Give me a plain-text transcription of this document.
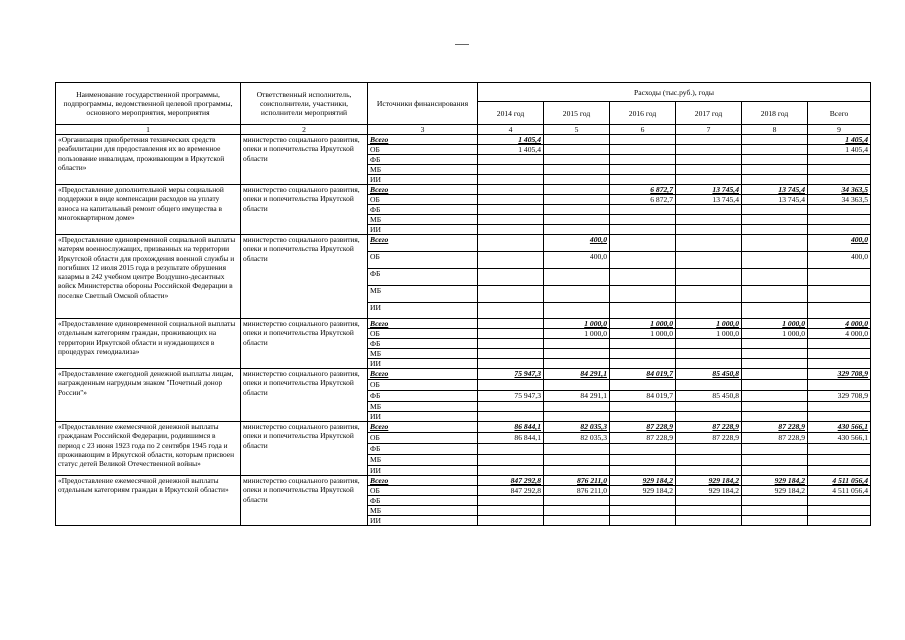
Наименование государственной программы, подпрограммы, ведомственной целевой программы, основного мероприятия, мероприятия	Ответственный исполнитель, соисполнители, участники, исполнители мероприятий	Источники финансирования	Расходы (тыс.руб.), годы					
			2014 год	2015 год	2016 год	2017 год	2018 год	Всего
1	2	3	4	5	6	7	8	9
«Организация приобретения технических средств реабилитации для предоставления их во временное пользование инвалидам, проживающим в Иркутской области»	министерство социального развития, опеки и попечительства Иркутской области	Всего	1 405,4					1 405,4
		ОБ	1 405,4					1 405,4
		ФБ						
		МБ						
		ИИ						
«Предоставление дополнительной меры социальной поддержки в виде компенсации расходов на уплату взноса на капитальный ремонт общего имущества в многоквартирном доме»	министерство социального развития, опеки и попечительства Иркутской области	Всего			6 872,7	13 745,4	13 745,4	34 363,5
		ОБ			6 872,7	13 745,4	13 745,4	34 363,5
		ФБ						
		МБ						
		ИИ						
«Предоставление единовременной социальной выплаты матерям военнослужащих, призванных на территории Иркутской области для прохождения военной службы и погибших 12 июля 2015 года в результате обрушения казармы в 242 учебном центре Воздушно-десантных войск Министерства обороны Российской Федерации в поселке Светлый Омской области»	министерство социального развития, опеки и попечительства Иркутской области	Всего		400,0				400,0
		ОБ		400,0				400,0
		ФБ						
		МБ						
		ИИ						
«Предоставление единовременной социальной выплаты отдельным категориям граждан, проживающих на территории Иркутской области и нуждающихся в процедурах гемодиализа»	министерство социального развития, опеки и попечительства Иркутской области	Всего		1 000,0	1 000,0	1 000,0	1 000,0	4 000,0
		ОБ		1 000,0	1 000,0	1 000,0	1 000,0	4 000,0
		ФБ						
		МБ						
		ИИ						
«Предоставление ежегодной денежной выплаты лицам, награжденным нагрудным знаком "Почетный донор России"»	министерство социального развития, опеки и попечительства Иркутской области	Всего	75 947,3	84 291,1	84 019,7	85 450,8		329 708,9
		ОБ						
		ФБ	75 947,3	84 291,1	84 019,7	85 450,8		329 708,9
		МБ						
		ИИ						
«Предоставление ежемесячной денежной выплаты гражданам Российской Федерации, родившимся в период с 23 июня 1923 года по 2 сентября 1945 года и проживающим в Иркутской области, которым присвоен статус детей Великой Отечественной войны»	министерство социального развития, опеки и попечительства Иркутской области	Всего	86 844,1	82 035,3	87 228,9	87 228,9	87 228,9	430 566,1
		ОБ	86 844,1	82 035,3	87 228,9	87 228,9	87 228,9	430 566,1
		ФБ						
		МБ						
		ИИ						
«Предоставление ежемесячной денежной выплаты отдельным категориям граждан в Иркутской области»	министерство социального развития, опеки и попечительства Иркутской области	Всего	847 292,8	876 211,0	929 184,2	929 184,2	929 184,2	4 511 056,4
		ОБ	847 292,8	876 211,0	929 184,2	929 184,2	929 184,2	4 511 056,4
		ФБ						
		МБ						
		ИИ						
